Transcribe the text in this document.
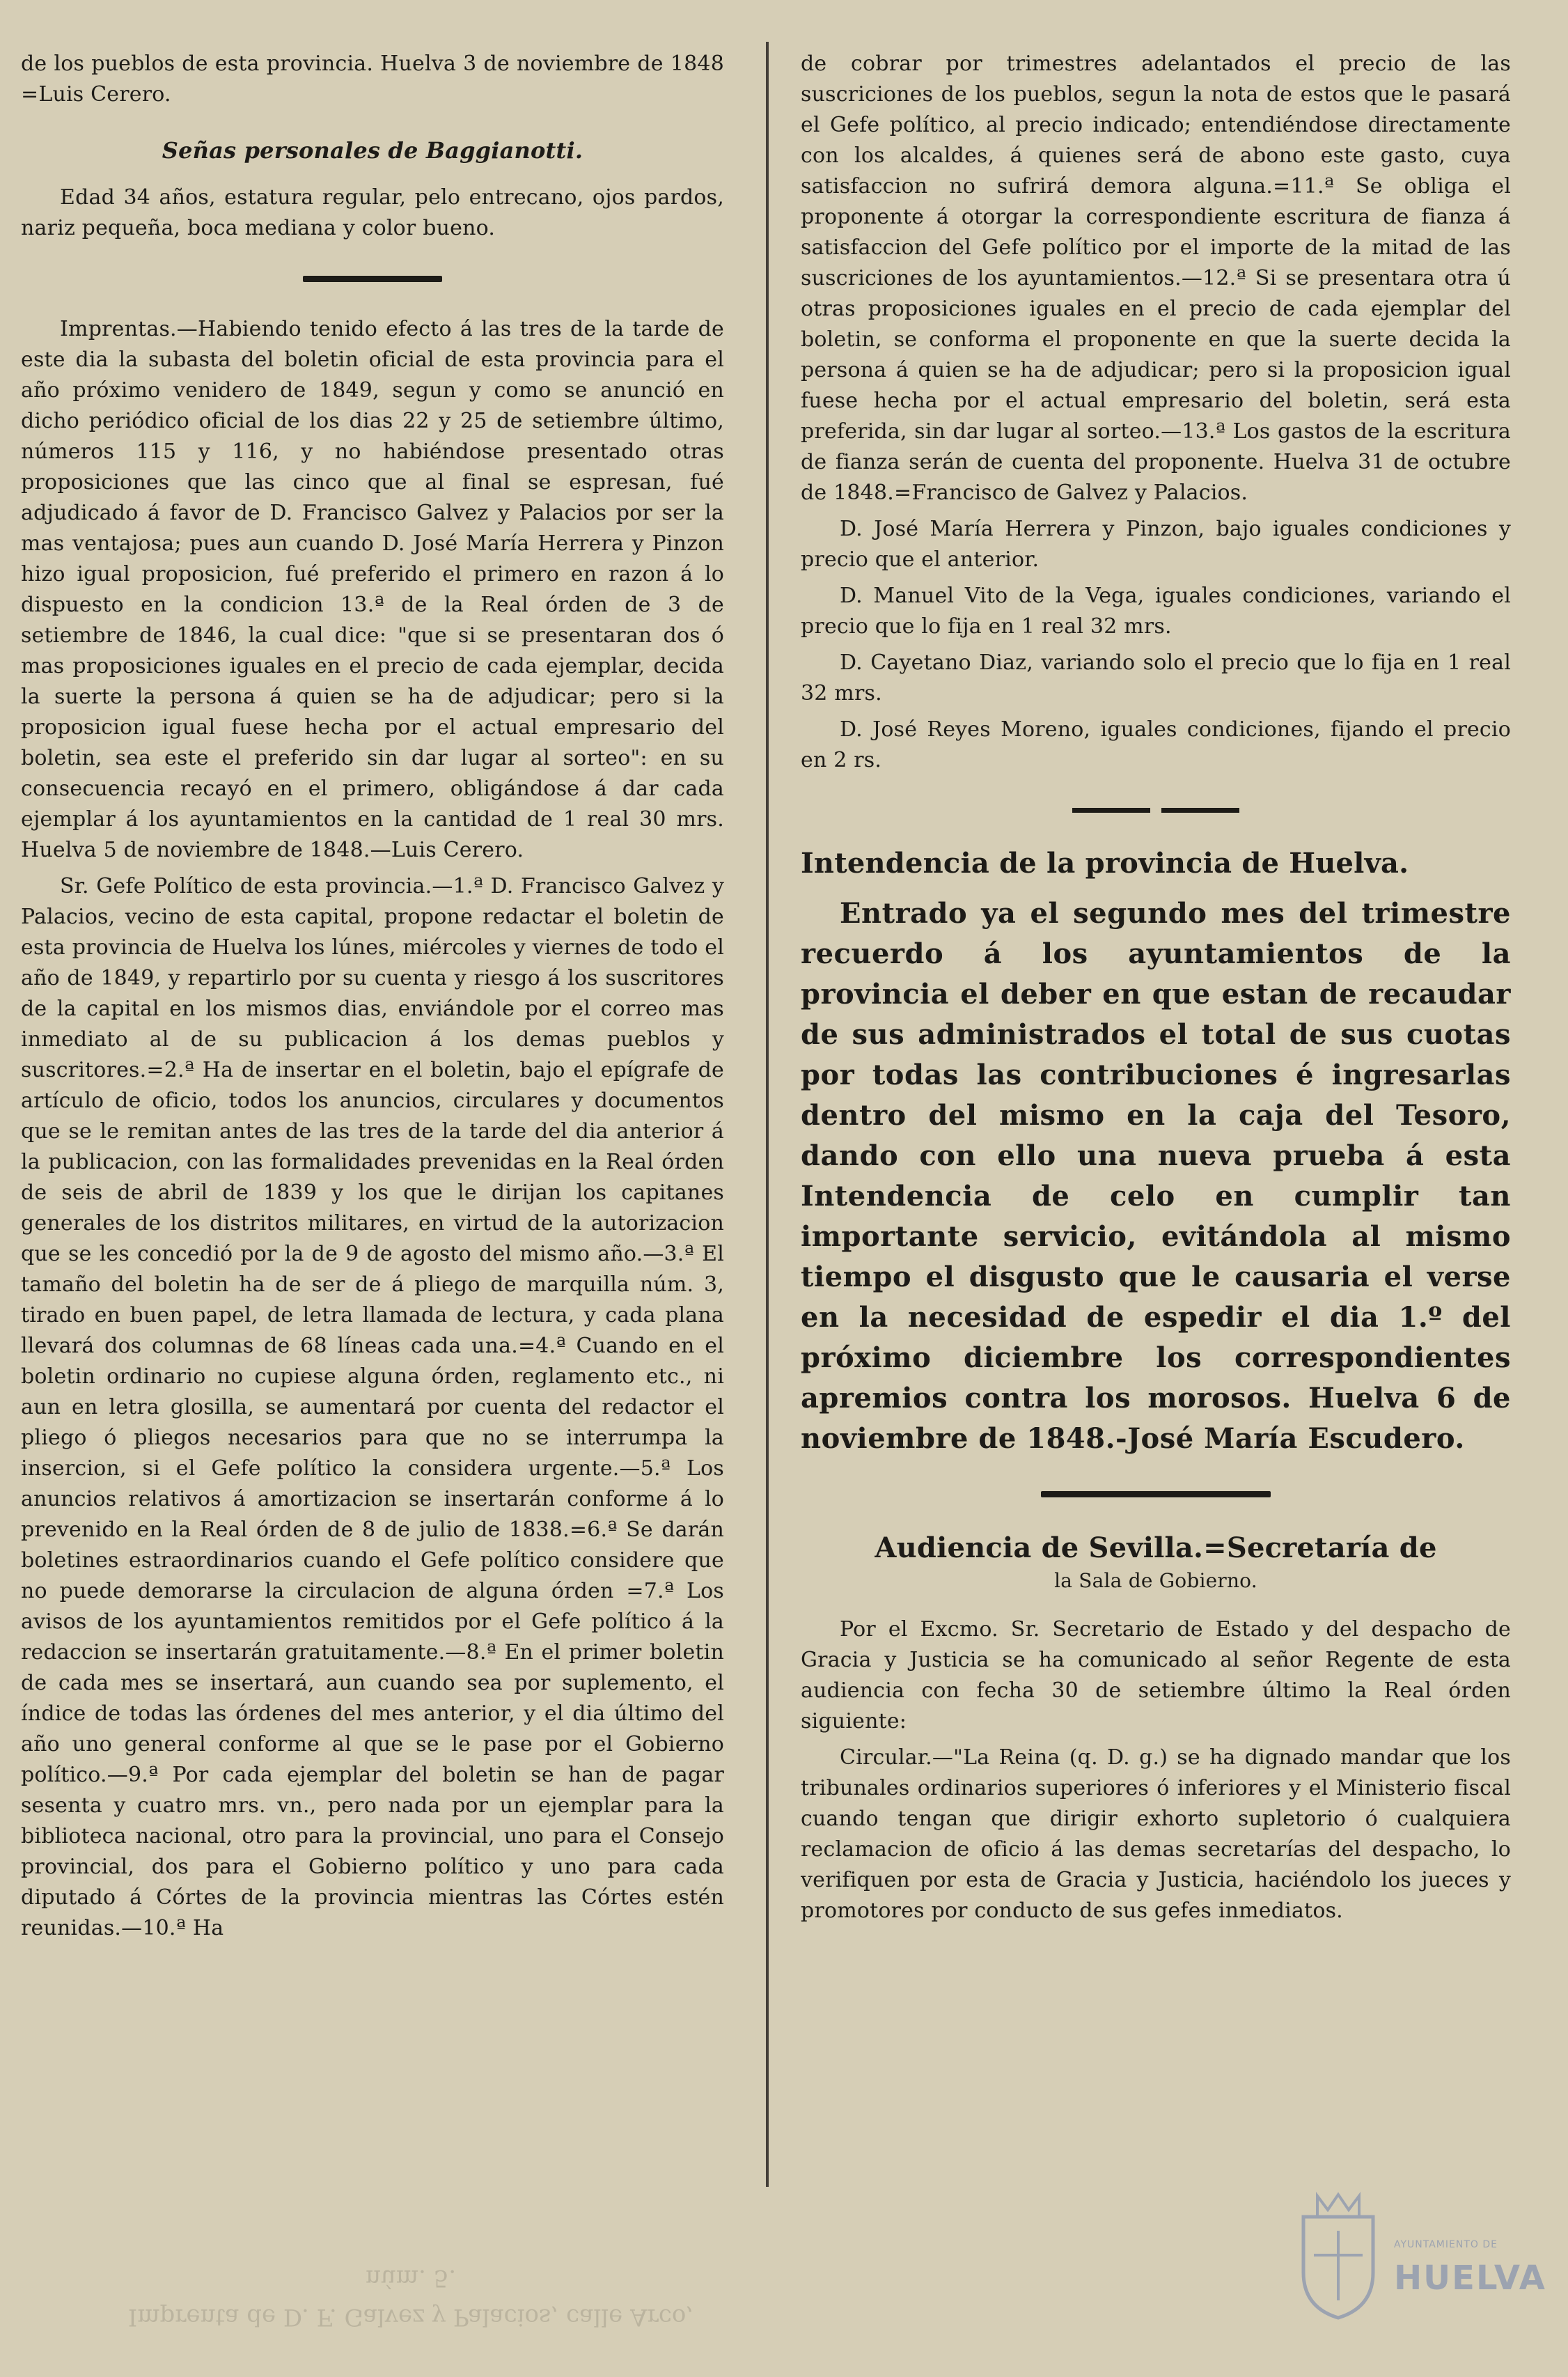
de los pueblos de esta provincia. Huelva 3 de noviembre de 1848 =Luis Cerero.

Señas personales de Baggianotti.

Edad 34 años, estatura regular, pelo entrecano, ojos pardos, nariz pequeña, boca mediana y color bueno.

Imprentas.—Habiendo tenido efecto á las tres de la tarde de este dia la subasta del boletin oficial de esta provincia para el año próximo venidero de 1849, segun y como se anunció en dicho periódico oficial de los dias 22 y 25 de setiembre último, números 115 y 116, y no habiéndose presentado otras proposiciones que las cinco que al final se espresan, fué adjudicado á favor de D. Francisco Galvez y Palacios por ser la mas ventajosa; pues aun cuando D. José María Herrera y Pinzon hizo igual proposicion, fué preferido el primero en razon á lo dispuesto en la condicion 13.ª de la Real órden de 3 de setiembre de 1846, la cual dice: "que si se presentaran dos ó mas proposiciones iguales en el precio de cada ejemplar, decida la suerte la persona á quien se ha de adjudicar; pero si la proposicion igual fuese hecha por el actual empresario del boletin, sea este el preferido sin dar lugar al sorteo": en su consecuencia recayó en el primero, obligándose á dar cada ejemplar á los ayuntamientos en la cantidad de 1 real 30 mrs. Huelva 5 de noviembre de 1848.—Luis Cerero.

Sr. Gefe Político de esta provincia.—1.ª D. Francisco Galvez y Palacios, vecino de esta capital, propone redactar el boletin de esta provincia de Huelva los lúnes, miércoles y viernes de todo el año de 1849, y repartirlo por su cuenta y riesgo á los suscritores de la capital en los mismos dias, enviándole por el correo mas inmediato al de su publicacion á los demas pueblos y suscritores.=2.ª Ha de insertar en el boletin, bajo el epígrafe de artículo de oficio, todos los anuncios, circulares y documentos que se le remitan antes de las tres de la tarde del dia anterior á la publicacion, con las formalidades prevenidas en la Real órden de seis de abril de 1839 y los que le dirijan los capitanes generales de los distritos militares, en virtud de la autorizacion que se les concedió por la de 9 de agosto del mismo año.—3.ª El tamaño del boletin ha de ser de á pliego de marquilla núm. 3, tirado en buen papel, de letra llamada de lectura, y cada plana llevará dos columnas de 68 líneas cada una.=4.ª Cuando en el boletin ordinario no cupiese alguna órden, reglamento etc., ni aun en letra glosilla, se aumentará por cuenta del redactor el pliego ó pliegos necesarios para que no se interrumpa la insercion, si el Gefe político la considera urgente.—5.ª Los anuncios relativos á amortizacion se insertarán conforme á lo prevenido en la Real órden de 8 de julio de 1838.=6.ª Se darán boletines estraordinarios cuando el Gefe político considere que no puede demorarse la circulacion de alguna órden =7.ª Los avisos de los ayuntamientos remitidos por el Gefe político á la redaccion se insertarán gratuitamente.—8.ª En el primer boletin de cada mes se insertará, aun cuando sea por suplemento, el índice de todas las órdenes del mes anterior, y el dia último del año uno general conforme al que se le pase por el Gobierno político.—9.ª Por cada ejemplar del boletin se han de pagar sesenta y cuatro mrs. vn., pero nada por un ejemplar para la biblioteca nacional, otro para la provincial, uno para el Consejo provincial, dos para el Gobierno político y uno para cada diputado á Córtes de la provincia mientras las Córtes estén reunidas.—10.ª Ha

de cobrar por trimestres adelantados el precio de las suscriciones de los pueblos, segun la nota de estos que le pasará el Gefe político, al precio indicado; entendiéndose directamente con los alcaldes, á quienes será de abono este gasto, cuya satisfaccion no sufrirá demora alguna.=11.ª Se obliga el proponente á otorgar la correspondiente escritura de fianza á satisfaccion del Gefe político por el importe de la mitad de las suscriciones de los ayuntamientos.—12.ª Si se presentara otra ú otras proposiciones iguales en el precio de cada ejemplar del boletin, se conforma el proponente en que la suerte decida la persona á quien se ha de adjudicar; pero si la proposicion igual fuese hecha por el actual empresario del boletin, será esta preferida, sin dar lugar al sorteo.—13.ª Los gastos de la escritura de fianza serán de cuenta del proponente. Huelva 31 de octubre de 1848.=Francisco de Galvez y Palacios.

D. José María Herrera y Pinzon, bajo iguales condiciones y precio que el anterior.

D. Manuel Vito de la Vega, iguales condiciones, variando el precio que lo fija en 1 real 32 mrs.

D. Cayetano Diaz, variando solo el precio que lo fija en 1 real 32 mrs.

D. José Reyes Moreno, iguales condiciones, fijando el precio en 2 rs.

Intendencia de la provincia de Huelva.

Entrado ya el segundo mes del trimestre recuerdo á los ayuntamientos de la provincia el deber en que estan de recaudar de sus administrados el total de sus cuotas por todas las contribuciones é ingresarlas dentro del mismo en la caja del Tesoro, dando con ello una nueva prueba á esta Intendencia de celo en cumplir tan importante servicio, evitándola al mismo tiempo el disgusto que le causaria el verse en la necesidad de espedir el dia 1.º del próximo diciembre los correspondientes apremios contra los morosos. Huelva 6 de noviembre de 1848.-José María Escudero.

Audiencia de Sevilla.=Secretaría de
la Sala de Gobierno.

Por el Excmo. Sr. Secretario de Estado y del despacho de Gracia y Justicia se ha comunicado al señor Regente de esta audiencia con fecha 30 de setiembre último la Real órden siguiente:

Circular.—"La Reina (q. D. g.) se ha dignado mandar que los tribunales ordinarios superiores ó inferiores y el Ministerio fiscal cuando tengan que dirigir exhorto supletorio ó cualquiera reclamacion de oficio á las demas secretarías del despacho, lo verifiquen por esta de Gracia y Justicia, haciéndolo los jueces y promotores por conducto de sus gefes inmediatos.

Imprenta de D. F. Galvez y Palacios, calle Arco, núm. 5.
AYUNTAMIENTO DE
HUELVA
